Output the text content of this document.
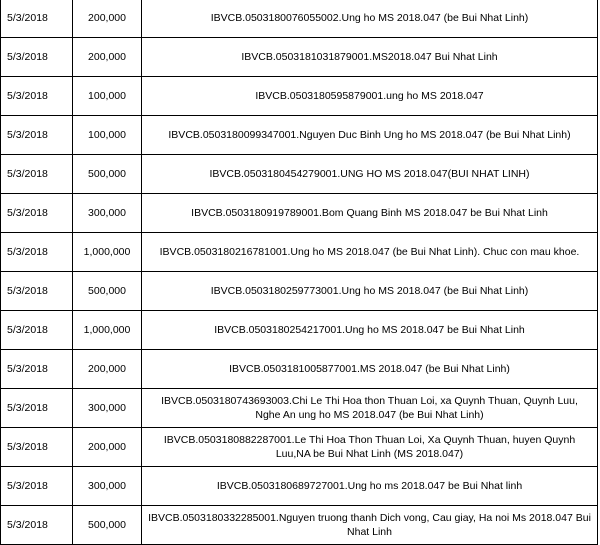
5/3/2018	200,000	IBVCB.0503180076055002.Ung ho MS 2018.047 (be Bui Nhat Linh)
5/3/2018	200,000	IBVCB.0503181031879001.MS2018.047 Bui Nhat Linh
5/3/2018	100,000	IBVCB.0503180595879001.ung ho MS 2018.047
5/3/2018	100,000	IBVCB.0503180099347001.Nguyen Duc Binh Ung ho MS 2018.047 (be Bui Nhat Linh)
5/3/2018	500,000	IBVCB.0503180454279001.UNG HO MS 2018.047(BUI NHAT LINH)
5/3/2018	300,000	IBVCB.0503180919789001.Bom Quang Binh MS 2018.047 be Bui Nhat Linh
5/3/2018	1,000,000	IBVCB.0503180216781001.Ung ho MS 2018.047 (be Bui Nhat Linh). Chuc con mau khoe.
5/3/2018	500,000	IBVCB.0503180259773001.Ung ho MS 2018.047 (be Bui Nhat Linh)
5/3/2018	1,000,000	IBVCB.0503180254217001.Ung ho MS 2018.047 be Bui Nhat Linh
5/3/2018	200,000	IBVCB.0503181005877001.MS 2018.047 (be Bui Nhat Linh)
5/3/2018	300,000	IBVCB.0503180743693003.Chi Le Thi Hoa thon Thuan Loi, xa Quynh Thuan, Quynh Luu, Nghe An ung ho MS 2018.047 (be Bui Nhat Linh)
5/3/2018	200,000	IBVCB.0503180882287001.Le Thi Hoa Thon Thuan Loi, Xa Quynh Thuan, huyen Quynh Luu,NA be Bui Nhat Linh (MS 2018.047)
5/3/2018	300,000	IBVCB.0503180689727001.Ung ho ms 2018.047 be Bui Nhat linh
5/3/2018	500,000	IBVCB.0503180332285001.Nguyen truong thanh Dich vong, Cau giay, Ha noi Ms 2018.047 Bui Nhat Linh
